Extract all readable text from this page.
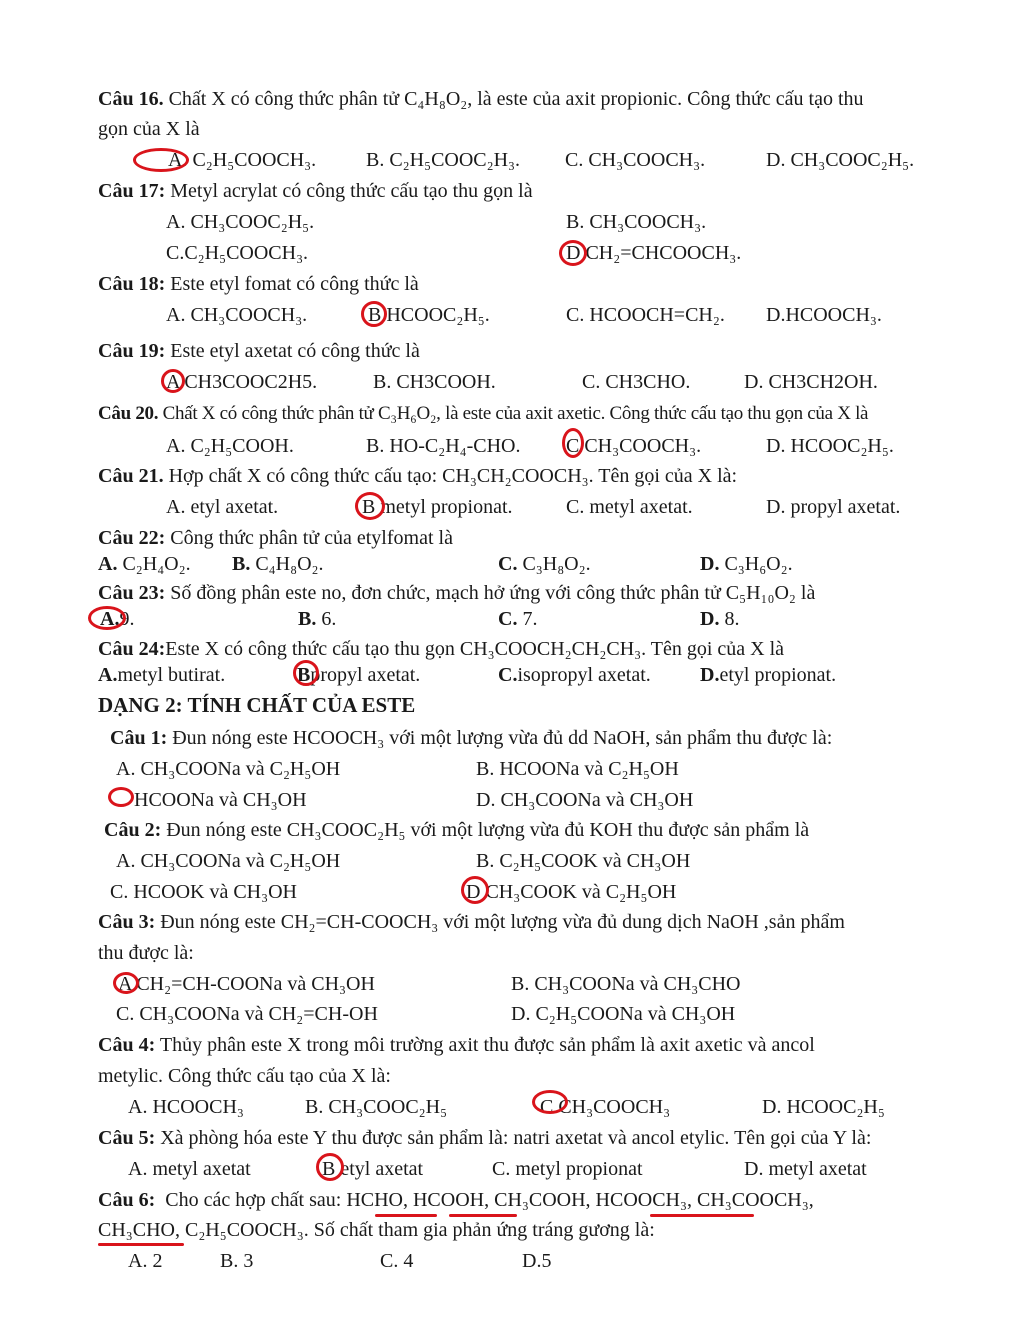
Câu 16. Chất X có công thức phân tử C₄H₈O₂, là este của axit propionic. Công thức cấu tạo thu
gọn của X là
A. C₂H₅COOCH₃. B. C₂H₅COOC₂H₃. C. CH₃COOCH₃.	D. CH₃COOC₂H₅.
Câu 17: Metyl acrylat có công thức cấu tạo thu gọn là
A. CH₃COOC₂H₅.	B. CH₃COOCH₃.
C.C₂H₅COOCH₃.	D CH₂=CHCOOCH₃.
Câu 18: Este etyl fomat có công thức là
A. CH₃COOCH₃.	B HCOOC₂H₅.	C. HCOOCH=CH₂. D.HCOOCH₃.
Câu 19: Este etyl axetat có công thức là
A CH3COOC2H5.	B. CH3COOH.	C. CH3CHO.	D. CH3CH2OH.
Câu 20. Chất X có công thức phân tử C₃H₆O₂, là este của axit axetic. Công thức cấu tạo thu gọn của X là
A. C₂H₅COOH.	B. HO-C₂H₄-CHO. C CH₃COOCH₃.	D. HCOOC₂H₅.
Câu 21. Hợp chất X có công thức cấu tạo: CH₃CH₂COOCH₃. Tên gọi của X là:
A. etyl axetat.	B metyl propionat.	C. metyl axetat.	D. propyl axetat.
Câu 22: Công thức phân tử của etylfomat là
A. C₂H₄O₂. B. C₄H₈O₂.	C. C₃H₈O₂.	D. C₃H₆O₂.
Câu 23: Số đồng phân este no, đơn chức, mạch hở ứng với công thức phân tử C₅H₁₀O₂ là
A.9.	B. 6.	C. 7.	D. 8.
Câu 24:Este X có công thức cấu tạo thu gọn CH₃COOCH₂CH₂CH₃. Tên gọi của X là
A.metyl butirat.	Bpropyl axetat.	C.isopropyl axetat. D.etyl propionat.
DẠNG 2: TÍNH CHẤT CỦA ESTE
Câu 1: Đun nóng este HCOOCH₃ với một lượng vừa đủ dd NaOH, sản phẩm thu được là:
A. CH₃COONa và C₂H₅OH	B. HCOONa và C₂H₅OH
HCOONa và CH₃OH	D. CH₃COONa và CH₃OH
Câu 2: Đun nóng este CH₃COOC₂H₅ với một lượng vừa đủ KOH thu được sản phẩm là
A. CH₃COONa và C₂H₅OH	B. C₂H₅COOK và CH₃OH
C. HCOOK và CH₃OH	D CH₃COOK và C₂H₅OH
Câu 3: Đun nóng este CH₂=CH-COOCH₃ với một lượng vừa đủ dung dịch NaOH ,sản phẩm
thu được là:
A CH₂=CH-COONa và CH₃OH	B. CH₃COONa và CH₃CHO
C. CH₃COONa và CH₂=CH-OH	D. C₂H₅COONa và CH₃OH
Câu 4: Thủy phân este X trong môi trường axit thu được sản phẩm là axit axetic và ancol
metylic. Công thức cấu tạo của X là:
A. HCOOCH₃	B. CH₃COOC₂H₅	C CH₃COOCH₃	D. HCOOC₂H₅
Câu 5: Xà phòng hóa este Y thu được sản phẩm là: natri axetat và ancol etylic. Tên gọi của Y là:
A. metyl axetat	B etyl axetat	C. metyl propionat	D. metyl axetat
Câu 6: Cho các hợp chất sau: HCHO, HCOOH, CH₃COOH, HCOOCH₃, CH₃COOCH₃,
CH₃CHO, C₂H₅COOCH₃. Số chất tham gia phản ứng tráng gương là:
A. 2	B. 3	C. 4	D.5
